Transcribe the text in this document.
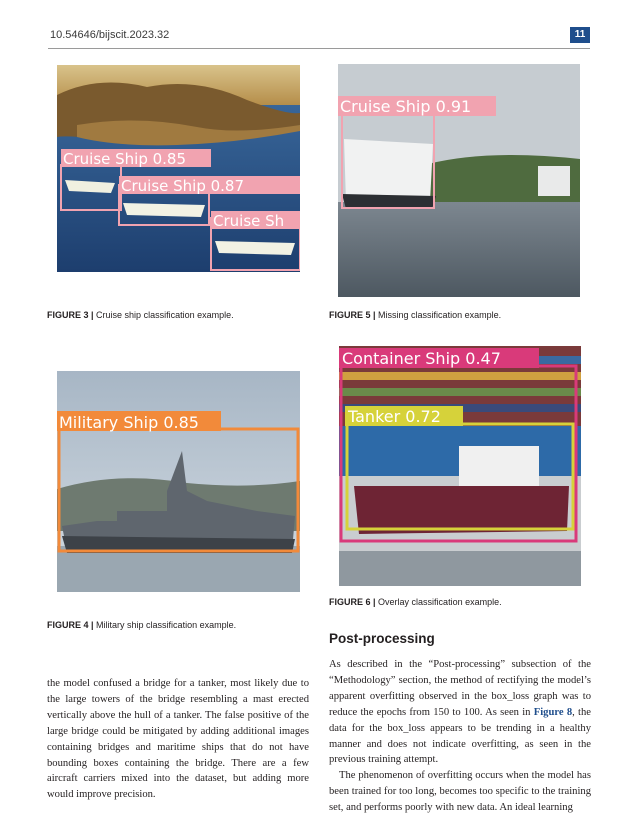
10.54646/bijscit.2023.32	11
Cruise Ship 0.85
Cruise Ship 0.87
Cruise Sh
FIGURE 3 | Cruise ship classification example.
Cruise Ship 0.91
FIGURE 5 | Missing classification example.
Military Ship 0.85
FIGURE 4 | Military ship classification example.
Container Ship 0.47
Tanker 0.72
FIGURE 6 | Overlay classification example.

the model confused a bridge for a tanker, most likely due to the large towers of the bridge resembling a mast erected vertically above the hull of a tanker. The false positive of the large bridge could be mitigated by adding additional images containing bridges and maritime ships that do not have bounding boxes containing the bridge. There are a few aircraft carriers mixed into the dataset, but adding more would improve precision.

Post-processing

As described in the “Post-processing” subsection of the “Methodology” section, the method of rectifying the model’s apparent overfitting observed in the box_loss graph was to reduce the epochs from 150 to 100. As seen in Figure 8, the data for the box_loss appears to be trending in a healthy manner and does not indicate overfitting, as seen in the previous training attempt.

The phenomenon of overfitting occurs when the model has been trained for too long, becomes too specific to the training set, and performs poorly with new data. An ideal learning
